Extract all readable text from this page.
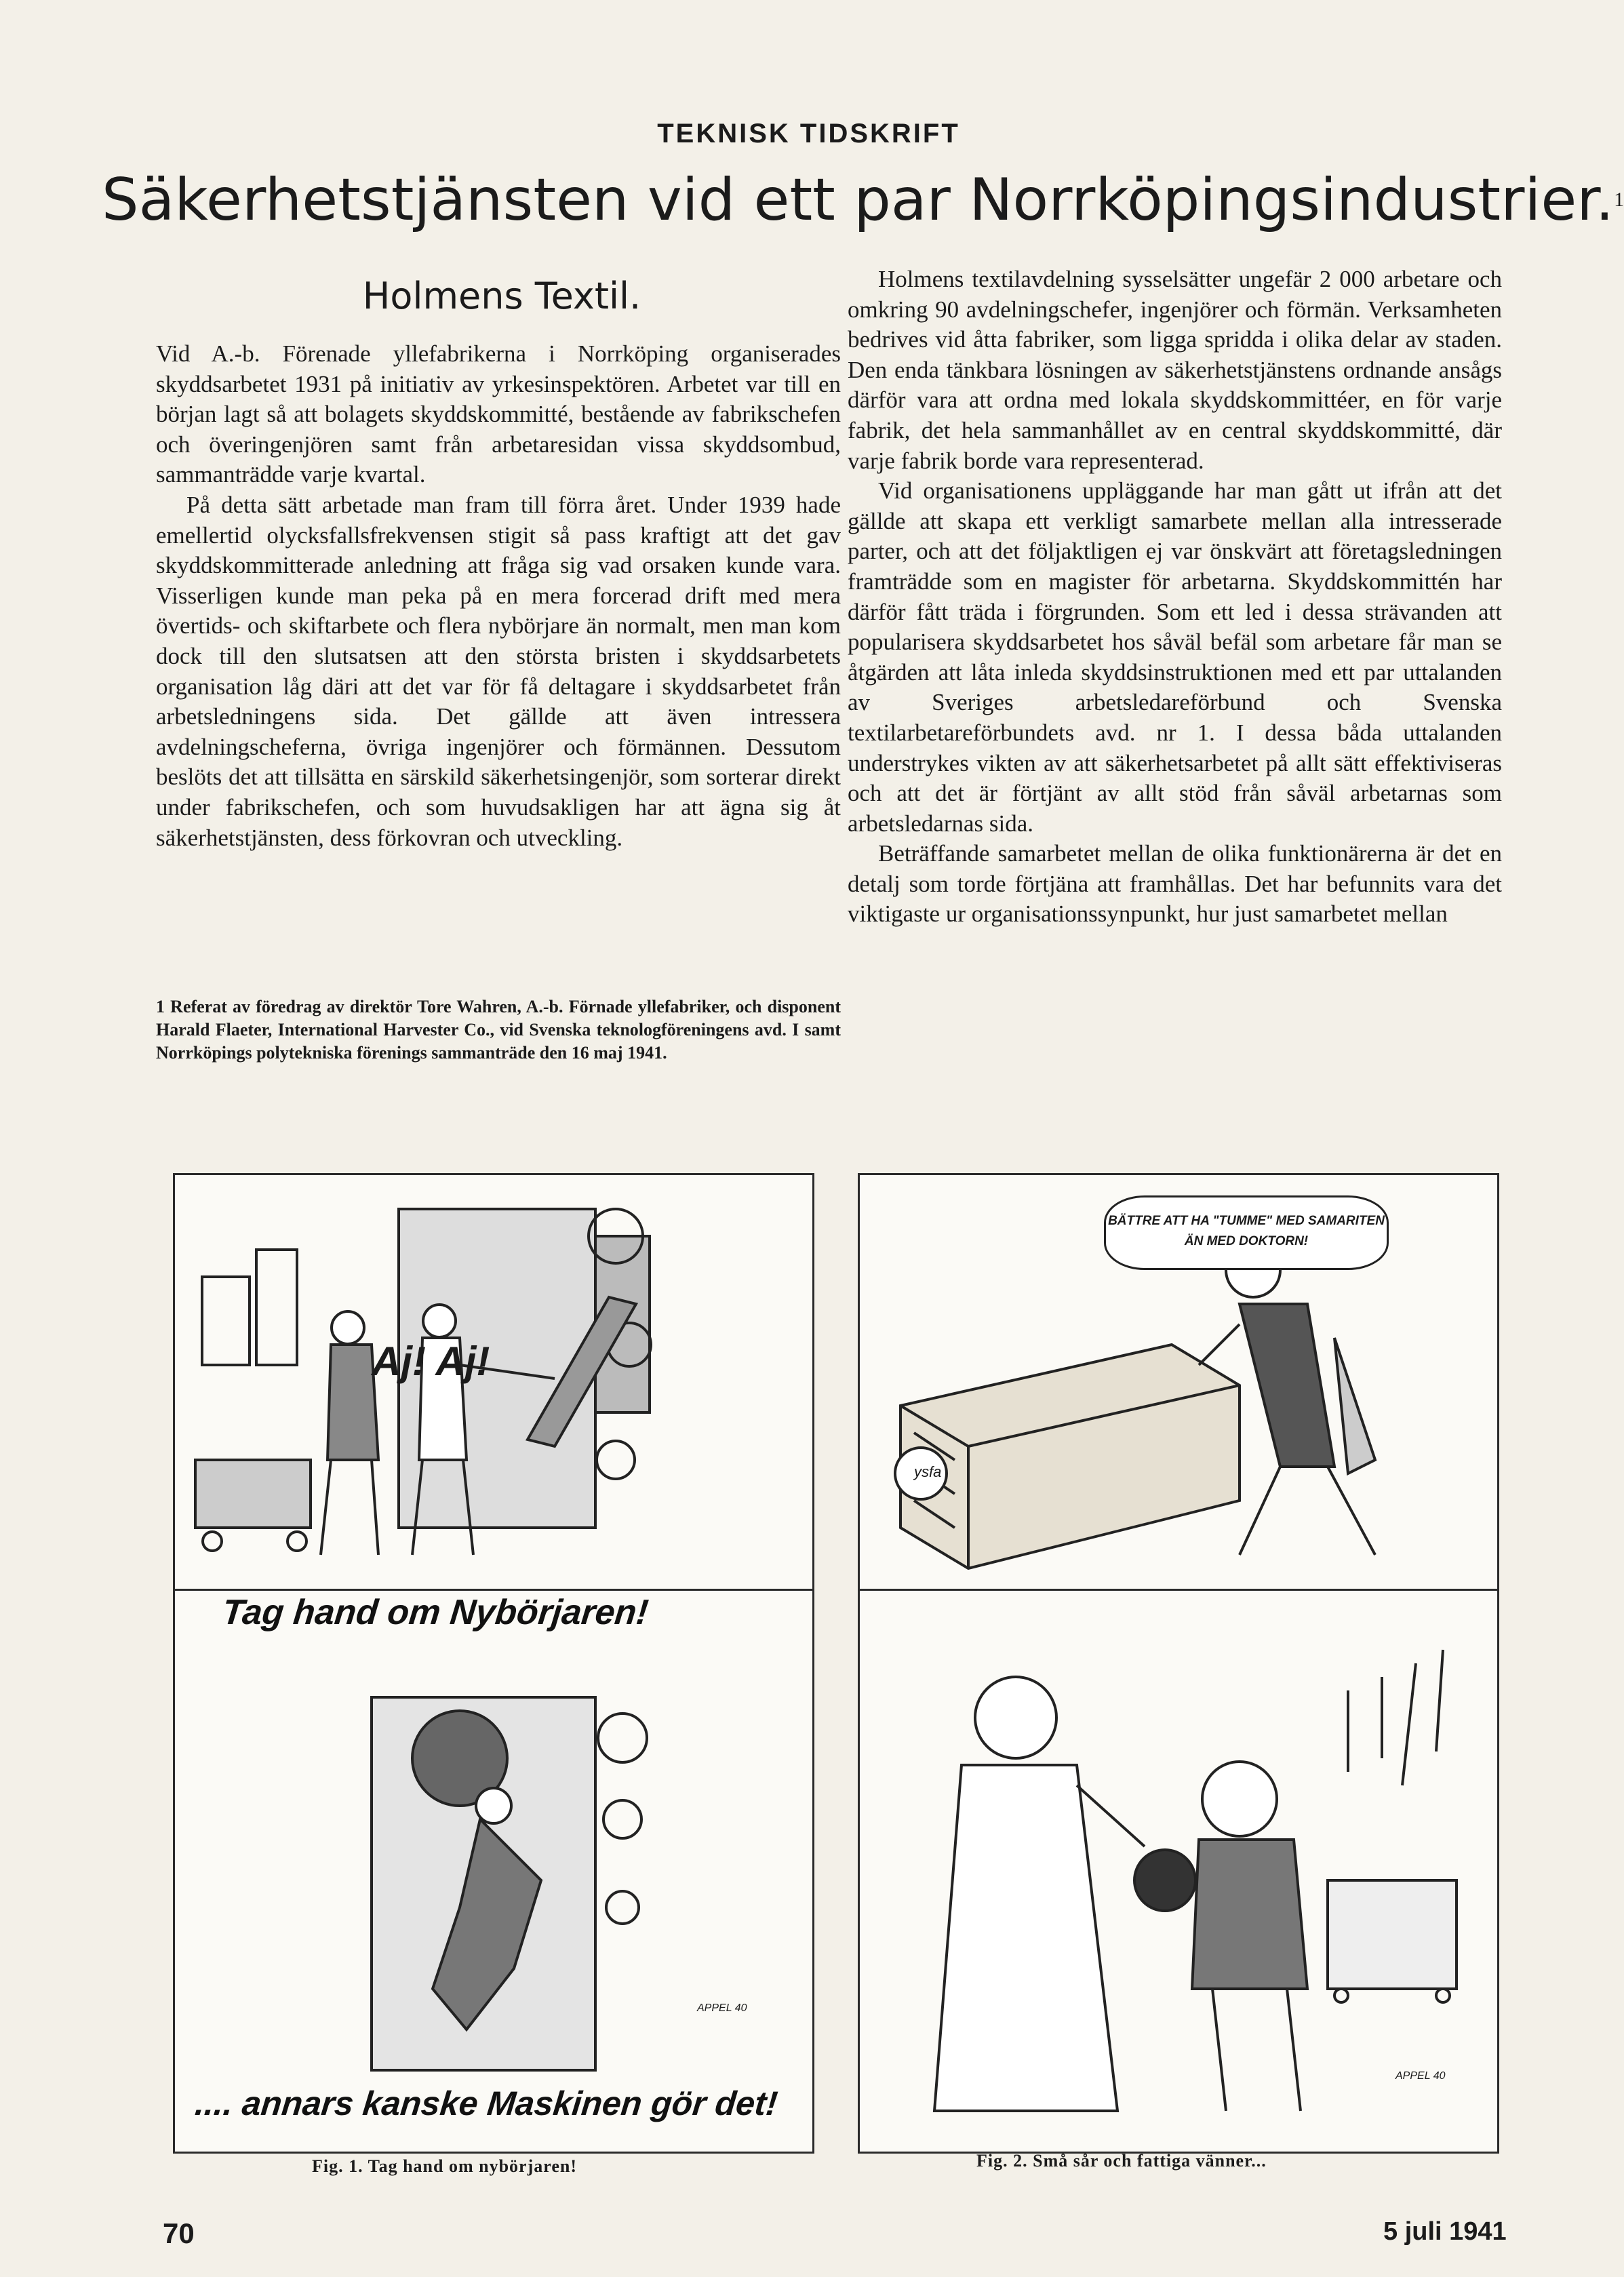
TEKNISK TIDSKRIFT
Säkerhetstjänsten vid ett par Norrköpingsindustrier.$^1$
Holmens Textil.

Vid A.-b. Förenade yllefabrikerna i Norrköping organiserades skyddsarbetet 1931 på initiativ av yrkesinspektören. Arbetet var till en början lagt så att bolagets skyddskommitté, bestående av fabrikschefen och överingenjören samt från arbetaresidan vissa skyddsombud, sammanträdde varje kvartal.

På detta sätt arbetade man fram till förra året. Under 1939 hade emellertid olycksfallsfrekvensen stigit så pass kraftigt att det gav skyddskommitterade anledning att fråga sig vad orsaken kunde vara. Visserligen kunde man peka på en mera forcerad drift med mera övertids- och skiftarbete och flera nybörjare än normalt, men man kom dock till den slutsatsen att den största bristen i skyddsarbetets organisation låg däri att det var för få deltagare i skyddsarbetet från arbetsledningens sida. Det gällde att även intressera avdelningscheferna, övriga ingenjörer och förmännen. Dessutom beslöts det att tillsätta en särskild säkerhetsingenjör, som sorterar direkt under fabrikschefen, och som huvudsakligen har att ägna sig åt säkerhetstjänsten, dess förkovran och utveckling.

1 Referat av föredrag av direktör Tore Wahren, A.-b. Förnade yllefabriker, och disponent Harald Flaeter, International Harvester Co., vid Svenska teknologföreningens avd. I samt Norrköpings polytekniska förenings sammanträde den 16 maj 1941.

Holmens textilavdelning sysselsätter ungefär 2 000 arbetare och omkring 90 avdelningschefer, ingenjörer och förmän. Verksamheten bedrives vid åtta fabriker, som ligga spridda i olika delar av staden. Den enda tänkbara lösningen av säkerhetstjänstens ordnande ansågs därför vara att ordna med lokala skyddskommittéer, en för varje fabrik, det hela sammanhållet av en central skyddskommitté, där varje fabrik borde vara representerad.

Vid organisationens uppläggande har man gått ut ifrån att det gällde att skapa ett verkligt samarbete mellan alla intresserade parter, och att det följaktligen ej var önskvärt att företagsledningen framträdde som en magister för arbetarna. Skyddskommittén har därför fått träda i förgrunden. Som ett led i dessa strävanden att popularisera skyddsarbetet hos såväl befäl som arbetare får man se åtgärden att låta inleda skyddsinstruktionen med ett par uttalanden av Sveriges arbetsledareförbund och Svenska textilarbetareförbundets avd. nr 1. I dessa båda uttalanden understrykes vikten av att säkerhetsarbetet på allt sätt effektiviseras och att det är förtjänt av allt stöd från såväl arbetarnas som arbetsledarnas sida.

Beträffande samarbetet mellan de olika funktionärerna är det en detalj som torde förtjäna att framhållas. Det har befunnits vara det viktigaste ur organisationssynpunkt, hur just samarbetet mellan

Tag hand om Nybörjaren!
Aj! Aj!
APPEL 40
.... annars kanske Maskinen gör det!
BÄTTRE ATT HA "TUMME" MED SAMARITEN ÄN MED DOKTORN!
ysfa
APPEL 40
Fig. 1. Tag hand om nybörjaren!	Fig. 2. Små sår och fattiga vänner...
70	5 juli 1941
